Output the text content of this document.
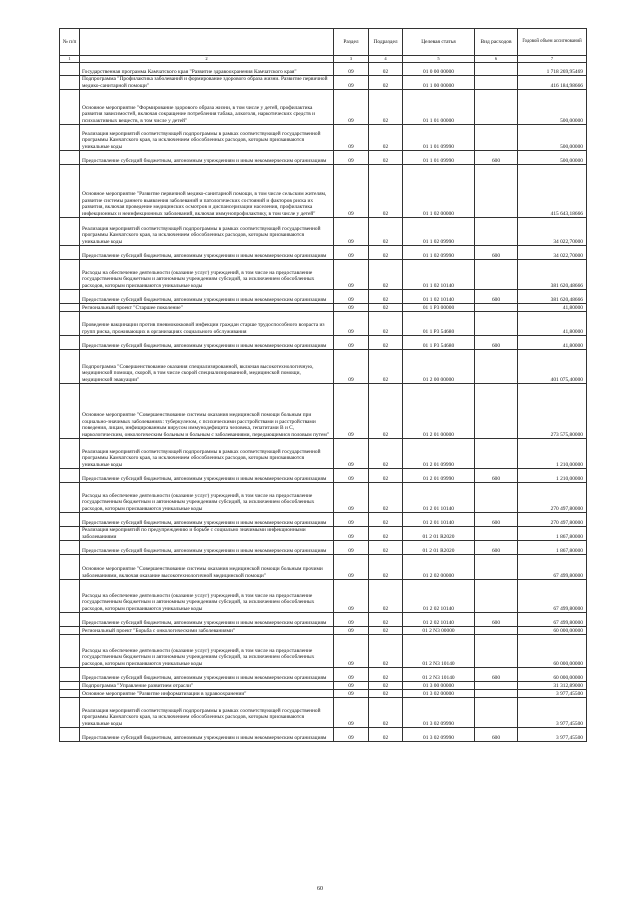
№ п/п		Раздел	Подраздел	Целевая статья	Вид расходов	Годовой объем ассигнований
1	2	3	4	5	6	7
	Государственная программа Камчатского края "Развитие здравоохранения Камчатского края"	09	02	01 0 00 00000		1 718 269,95469
	Подпрограмма "Профилактика заболеваний и формирование здорового образа жизни. Развитие первичной медико-санитарной помощи"	09	02	01 1 00 00000		416 184,98666
	Основное мероприятие "Формирование здорового образа жизни, в том числе у детей, профилактика развития зависимостей, включая сокращение потребления табака, алкоголя, наркотических средств и психоактивных веществ, в том числе у детей"	09	02	01 1 01 00000		500,00000
	Реализация мероприятий соответствующей подпрограммы в рамках соответствующей государственной программы Камчатского края, за исключением обособленных расходов, которым присваиваются уникальные коды	09	02	01 1 01 09990		500,00000
	Предоставление субсидий бюджетным, автономным учреждениям и иным некоммерческим организациям	09	02	01 1 01 09990	600	500,00000
	Основное мероприятие "Развитие первичной медико-санитарной помощи, в том числе сельским жителям, развитие системы раннего выявления заболеваний и патологических состояний и факторов риска их развития, включая проведение медицинских осмотров и диспансеризации населения, профилактика инфекционных и неинфекционных заболеваний, включая иммунопрофилактику, в том числе у детей"	09	02	01 1 02 00000		415 643,18666
	Реализация мероприятий соответствующей подпрограммы в рамках соответствующей государственной программы Камчатского края, за исключением обособленных расходов, которым присваиваются уникальные коды	09	02	01 1 02 09990		34 022,70000
	Предоставление субсидий бюджетным, автономным учреждениям и иным некоммерческим организациям	09	02	01 1 02 09990	600	34 022,70000
	Расходы на обеспечение деятельности (оказание услуг) учреждений, в том числе на предоставление государственным бюджетным и автономным учреждениям субсидий, за исключением обособленных расходов, которым присваиваются уникальные коды	09	02	01 1 02 10140		381 620,48666
	Предоставление субсидий бюджетным, автономным учреждениям и иным некоммерческим организациям	09	02	01 1 02 10140	600	381 620,48666
	Региональный проект "Старшее поколение"	09	02	01 1 P3 00000		41,80000
	Проведение вакцинации против пневмококковой инфекции граждан старше трудоспособного возраста из групп риска, проживающих в организациях социального обслуживания	09	02	01 1 P3 54680		41,80000
	Предоставление субсидий бюджетным, автономным учреждениям и иным некоммерческим организациям	09	02	01 1 P3 54680	600	41,80000
	Подпрограмма "Совершенствование оказания специализированной, включая высокотехнологичную, медицинской помощи, скорой, в том числе скорой специализированной, медицинской помощи, медицинской эвакуации"	09	02	01 2 00 00000		401 075,40000
	Основное мероприятие "Совершенствование системы оказания медицинской помощи больным при социально-значимых заболеваниях: туберкулезом, с психическими расстройствами и расстройствами поведения, лицам, инфицированным вирусом иммунодефицита человека, гепатитами B и C, наркологическим, онкологическим больным и больным с заболеваниями, передающимися половым путем"	09	02	01 2 01 00000		273 575,80000
	Реализация мероприятий соответствующей подпрограммы в рамках соответствующей государственной программы Камчатского края, за исключением обособленных расходов, которым присваиваются уникальные коды	09	02	01 2 01 09990		1 210,00000
	Предоставление субсидий бюджетным, автономным учреждениям и иным некоммерческим организациям	09	02	01 2 01 09990	600	1 210,00000
	Расходы на обеспечение деятельности (оказание услуг) учреждений, в том числе на предоставление государственным бюджетным и автономным учреждениям субсидий, за исключением обособленных расходов, которым присваиваются уникальные коды	09	02	01 2 01 10140		270 497,80000
	Предоставление субсидий бюджетным, автономным учреждениям и иным некоммерческим организациям	09	02	01 2 01 10140	600	270 497,80000
	Реализация мероприятий по предупреждению и борьбе с социально значимыми инфекционными заболеваниями	09	02	01 2 01 R2020		1 867,80000
	Предоставление субсидий бюджетным, автономным учреждениям и иным некоммерческим организациям	09	02	01 2 01 R2020	600	1 867,80000
	Основное мероприятие "Совершенствование системы оказания медицинской помощи больным прочими заболеваниями, включая оказание высокотехнологичной медицинской помощи"	09	02	01 2 02 00000		67 499,80000
	Расходы на обеспечение деятельности (оказание услуг) учреждений, в том числе на предоставление государственным бюджетным и автономным учреждениям субсидий, за исключением обособленных расходов, которым присваиваются уникальные коды	09	02	01 2 02 10140		67 499,80000
	Предоставление субсидий бюджетным, автономным учреждениям и иным некоммерческим организациям	09	02	01 2 02 10140	600	67 499,80000
	Региональный проект "Борьба с онкологическими заболеваниями"	09	02	01 2 N3 00000		60 000,00000
	Расходы на обеспечение деятельности (оказание услуг) учреждений, в том числе на предоставление государственным бюджетным и автономным учреждениям субсидий, за исключением обособленных расходов, которым присваиваются уникальные коды	09	02	01 2 N3 10140		60 000,00000
	Предоставление субсидий бюджетным, автономным учреждениям и иным некоммерческим организациям	09	02	01 2 N3 10140	600	60 000,00000
	Подпрограмма "Управление развитием отрасли"	09	02	01 3 00 00000		31 312,89000
	Основное мероприятие "Развитие информатизации в здравоохранении"	09	02	01 3 02 00000		3 977,45500
	Реализация мероприятий соответствующей подпрограммы в рамках соответствующей государственной программы Камчатского края, за исключением обособленных расходов, которым присваиваются уникальные коды	09	02	01 3 02 09990		3 977,45500
	Предоставление субсидий бюджетным, автономным учреждениям и иным некоммерческим организациям	09	02	01 3 02 09990	600	3 977,45500
60
